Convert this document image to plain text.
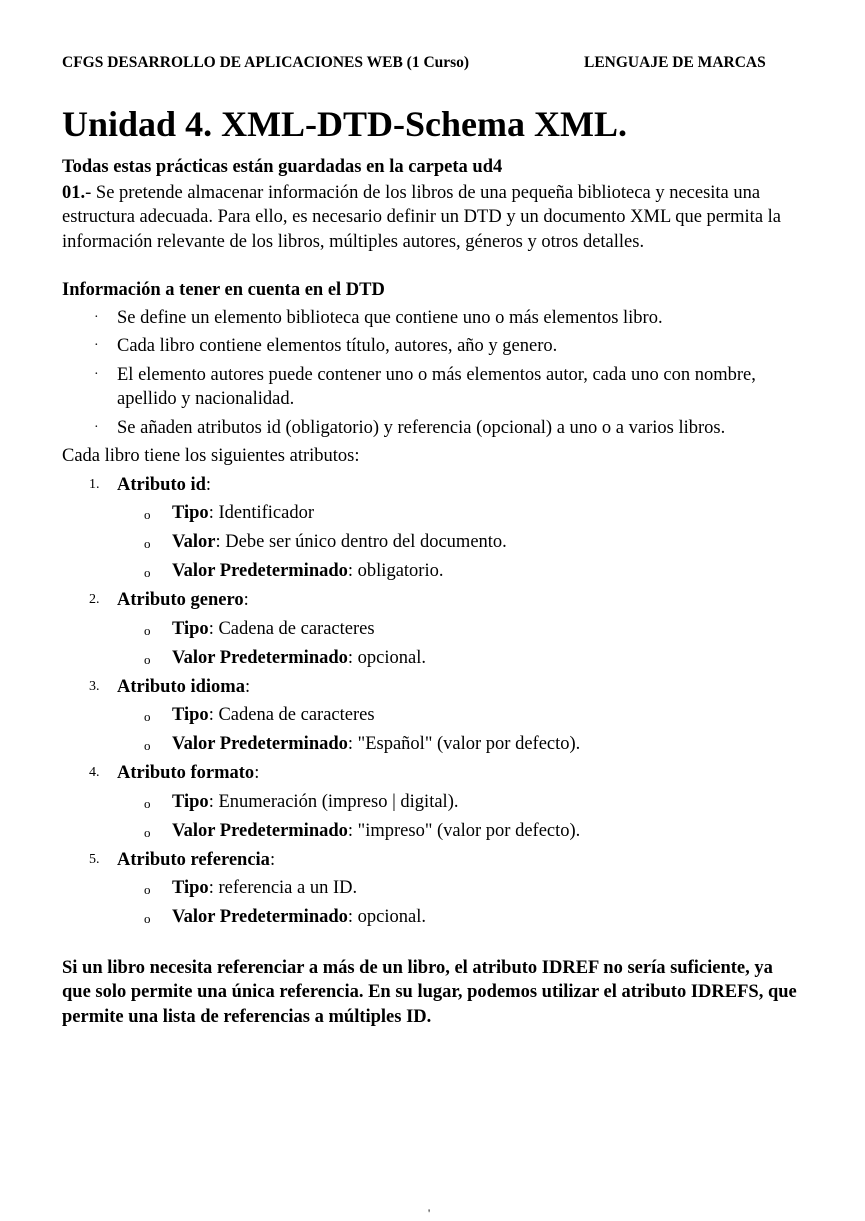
CFGS DESARROLLO DE APLICACIONES WEB (1 Curso)	LENGUAJE DE MARCAS
Unidad 4. XML-DTD-Schema XML.

Todas estas prácticas están guardadas en la carpeta ud4

01.- Se pretende almacenar información de los libros de una pequeña biblioteca y necesita una estructura adecuada. Para ello, es necesario definir un DTD y un documento XML que permita la información relevante de los libros, múltiples autores, géneros y otros detalles.

Información a tener en cuenta en el DTD

· Se define un elemento biblioteca que contiene uno o más elementos libro.
· Cada libro contiene elementos título, autores, año y genero.
· El elemento autores puede contener uno o más elementos autor, cada uno con nombre, apellido y nacionalidad.
· Se añaden atributos id (obligatorio) y referencia (opcional) a uno o a varios libros.

Cada libro tiene los siguientes atributos:

1. Atributo id:
o Tipo: Identificador
o Valor: Debe ser único dentro del documento.
o Valor Predeterminado: obligatorio.
2. Atributo genero:
o Tipo: Cadena de caracteres
o Valor Predeterminado: opcional.
3. Atributo idioma:
o Tipo: Cadena de caracteres
o Valor Predeterminado: "Español" (valor por defecto).
4. Atributo formato:
o Tipo: Enumeración (impreso | digital).
o Valor Predeterminado: "impreso" (valor por defecto).
5. Atributo referencia:
o Tipo: referencia a un ID.
o Valor Predeterminado: opcional.

Si un libro necesita referenciar a más de un libro, el atributo IDREF no sería suficiente, ya que solo permite una única referencia. En su lugar, podemos utilizar el atributo IDREFS, que permite una lista de referencias a múltiples ID.

'
